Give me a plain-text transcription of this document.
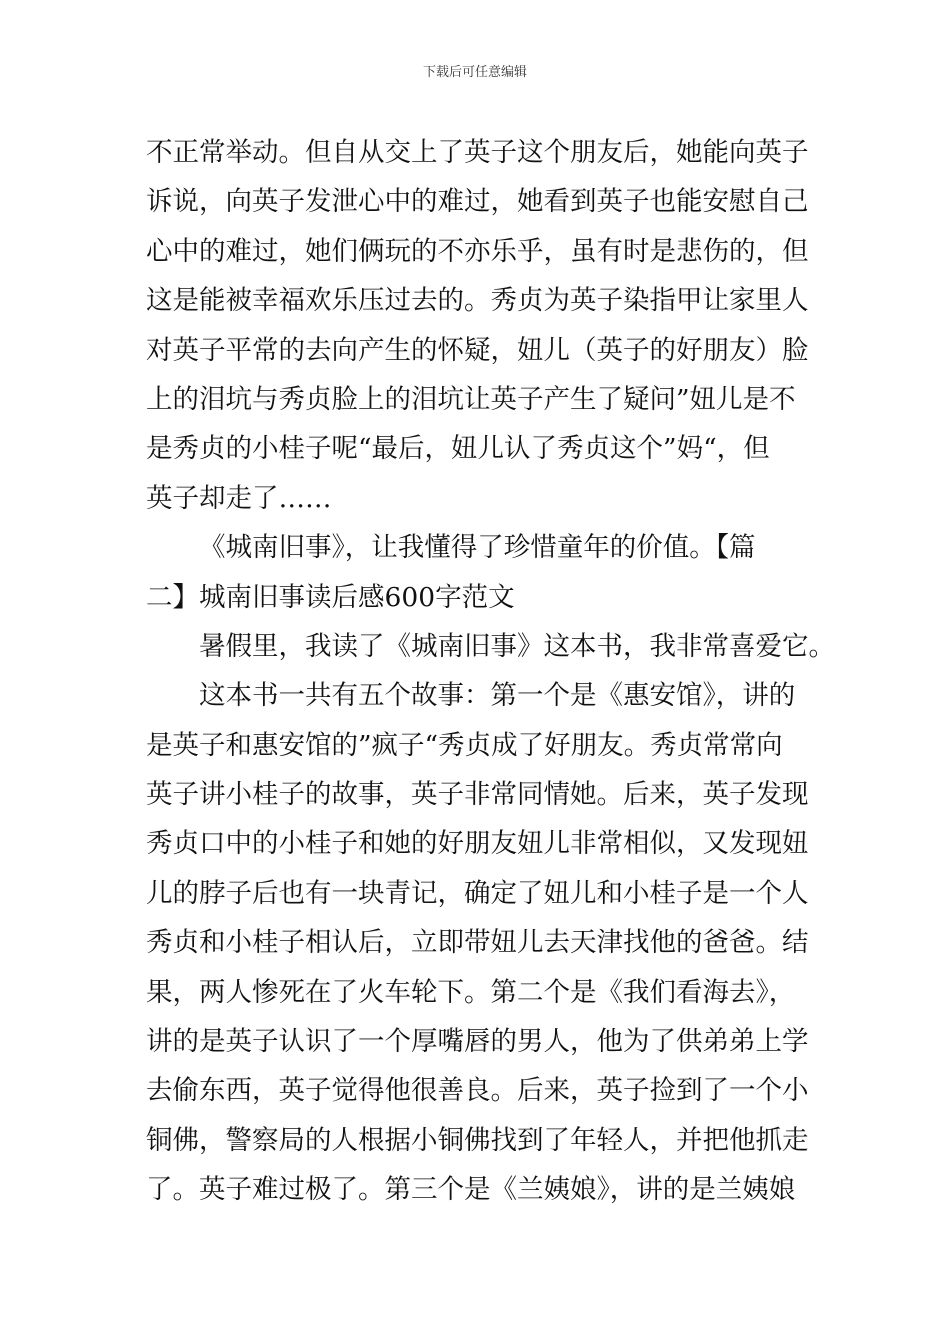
下载后可任意编辑
不正常举动。但自从交上了英子这个朋友后，她能向英子
诉说，向英子发泄心中的难过，她看到英子也能安慰自己
心中的难过，她们俩玩的不亦乐乎，虽有时是悲伤的，但
这是能被幸福欢乐压过去的。秀贞为英子染指甲让家里人
对英子平常的去向产生的怀疑，妞儿（英子的好朋友）脸
上的泪坑与秀贞脸上的泪坑让英子产生了疑问”妞儿是不
是秀贞的小桂子呢“最后，妞儿认了秀贞这个”妈“，但
英子却走了……
《城南旧事》，让我懂得了珍惜童年的价值。【篇
二】城南旧事读后感600字范文
暑假里，我读了《城南旧事》这本书，我非常喜爱它。
这本书一共有五个故事：第一个是《惠安馆》，讲的
是英子和惠安馆的”疯子“秀贞成了好朋友。秀贞常常向
英子讲小桂子的故事，英子非常同情她。后来，英子发现
秀贞口中的小桂子和她的好朋友妞儿非常相似，又发现妞
儿的脖子后也有一块青记，确定了妞儿和小桂子是一个人
秀贞和小桂子相认后，立即带妞儿去天津找他的爸爸。结
果，两人惨死在了火车轮下。第二个是《我们看海去》，
讲的是英子认识了一个厚嘴唇的男人，他为了供弟弟上学
去偷东西，英子觉得他很善良。后来，英子捡到了一个小
铜佛，警察局的人根据小铜佛找到了年轻人，并把他抓走
了。英子难过极了。第三个是《兰姨娘》，讲的是兰姨娘
